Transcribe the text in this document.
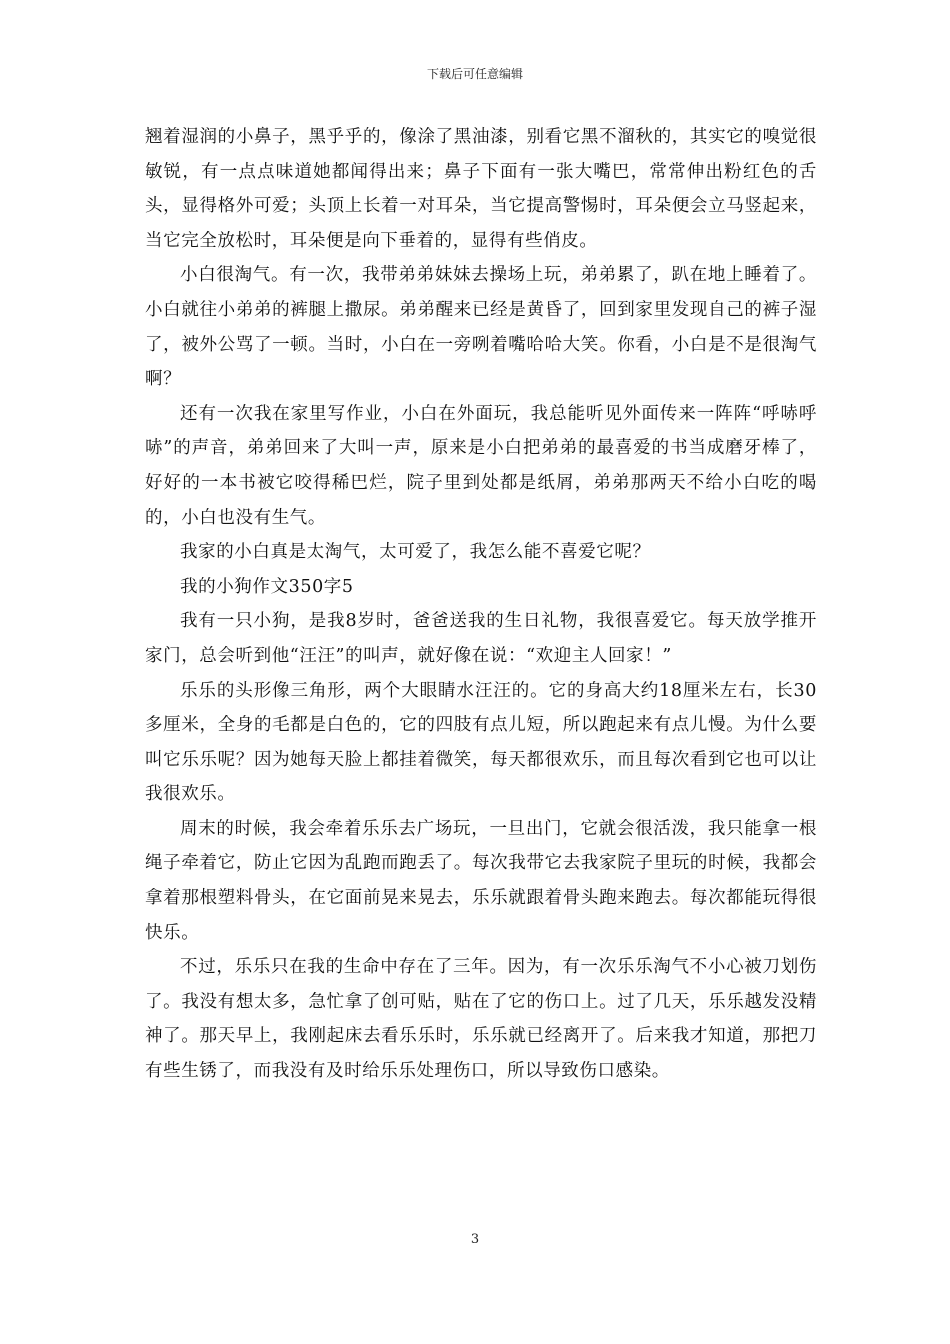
下载后可任意编辑

翘着湿润的小鼻子，黑乎乎的，像涂了黑油漆，别看它黑不溜秋的，其实它的嗅觉很敏锐，有一点点味道她都闻得出来；鼻子下面有一张大嘴巴，常常伸出粉红色的舌头，显得格外可爱；头顶上长着一对耳朵，当它提高警惕时，耳朵便会立马竖起来，当它完全放松时，耳朵便是向下垂着的，显得有些俏皮。

小白很淘气。有一次，我带弟弟妹妹去操场上玩，弟弟累了，趴在地上睡着了。小白就往小弟弟的裤腿上撒尿。弟弟醒来已经是黄昏了，回到家里发现自己的裤子湿了，被外公骂了一顿。当时，小白在一旁咧着嘴哈哈大笑。你看，小白是不是很淘气啊？

还有一次我在家里写作业，小白在外面玩，我总能听见外面传来一阵阵“呼哧呼哧”的声音，弟弟回来了大叫一声，原来是小白把弟弟的最喜爱的书当成磨牙棒了，好好的一本书被它咬得稀巴烂，院子里到处都是纸屑，弟弟那两天不给小白吃的喝的，小白也没有生气。

我家的小白真是太淘气，太可爱了，我怎么能不喜爱它呢？

我的小狗作文350字5

我有一只小狗，是我8岁时，爸爸送我的生日礼物，我很喜爱它。每天放学推开家门，总会听到他“汪汪”的叫声，就好像在说：“欢迎主人回家！”

乐乐的头形像三角形，两个大眼睛水汪汪的。它的身高大约18厘米左右，长30多厘米，全身的毛都是白色的，它的四肢有点儿短，所以跑起来有点儿慢。为什么要叫它乐乐呢？因为她每天脸上都挂着微笑，每天都很欢乐，而且每次看到它也可以让我很欢乐。

周末的时候，我会牵着乐乐去广场玩，一旦出门，它就会很活泼，我只能拿一根绳子牵着它，防止它因为乱跑而跑丢了。每次我带它去我家院子里玩的时候，我都会拿着那根塑料骨头，在它面前晃来晃去，乐乐就跟着骨头跑来跑去。每次都能玩得很快乐。

不过，乐乐只在我的生命中存在了三年。因为，有一次乐乐淘气不小心被刀划伤了。我没有想太多，急忙拿了创可贴，贴在了它的伤口上。过了几天，乐乐越发没精神了。那天早上，我刚起床去看乐乐时，乐乐就已经离开了。后来我才知道，那把刀有些生锈了，而我没有及时给乐乐处理伤口，所以导致伤口感染。

3
